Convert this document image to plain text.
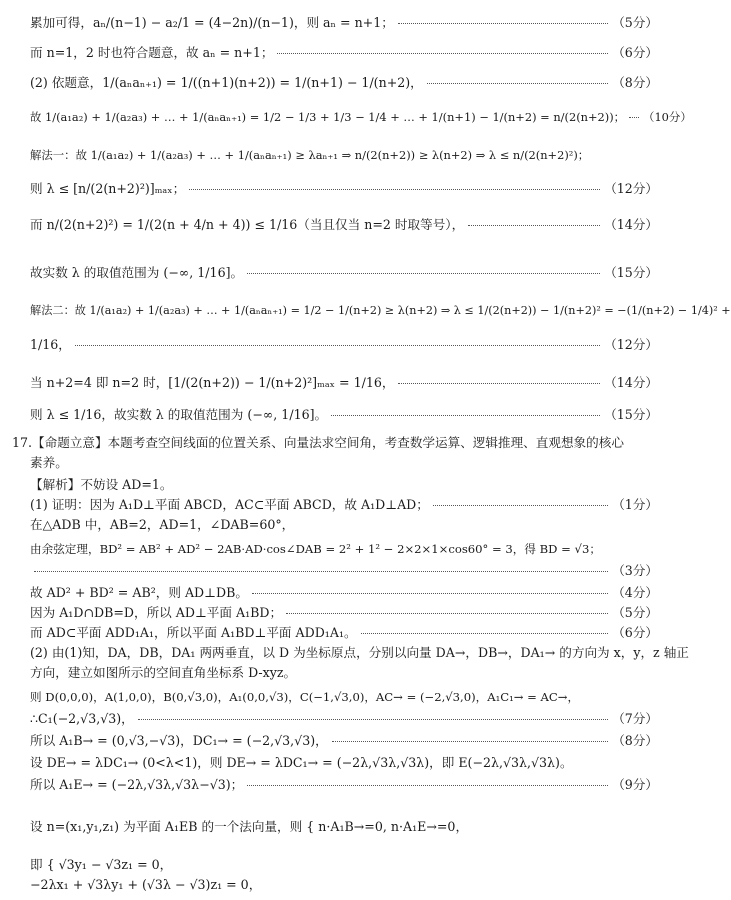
累加可得，aₙ/(n−1) − a₂/1 = (4−2n)/(n−1)，则 aₙ = n+1；	（5分）
而 n=1，2 时也符合题意，故 aₙ = n+1；	（6分）
(2) 依题意，1/(aₙaₙ₊₁) = 1/((n+1)(n+2)) = 1/(n+1) − 1/(n+2)，	（8分）
故 1/(a₁a₂) + 1/(a₂a₃) + … + 1/(aₙaₙ₊₁) = 1/2 − 1/3 + 1/3 − 1/4 + … + 1/(n+1) − 1/(n+2) = n/(2(n+2))； （10分）
解法一：故 1/(a₁a₂) + 1/(a₂a₃) + … + 1/(aₙaₙ₊₁) ≥ λaₙ₊₁ ⇒ n/(2(n+2)) ≥ λ(n+2) ⇒ λ ≤ n/(2(n+2)²)；
则 λ ≤ [n/(2(n+2)²)]ₘₐₓ；	（12分）
而 n/(2(n+2)²) = 1/(2(n + 4/n + 4)) ≤ 1/16（当且仅当 n=2 时取等号），	（14分）
故实数 λ 的取值范围为 (−∞, 1/16]。	（15分）
解法二：故 1/(a₁a₂) + 1/(a₂a₃) + … + 1/(aₙaₙ₊₁) = 1/2 − 1/(n+2) ≥ λ(n+2) ⇒ λ ≤ 1/(2(n+2)) − 1/(n+2)² = −(1/(n+2) − 1/4)² +
1/16，	（12分）
当 n+2=4 即 n=2 时，[1/(2(n+2)) − 1/(n+2)²]ₘₐₓ = 1/16，	（14分）
则 λ ≤ 1/16，故实数 λ 的取值范围为 (−∞, 1/16]。	（15分）
17.【命题立意】本题考查空间线面的位置关系、向量法求空间角，考查数学运算、逻辑推理、直观想象的核心
素养。
【解析】不妨设 AD=1。
(1) 证明：因为 A₁D⊥平面 ABCD，AC⊂平面 ABCD，故 A₁D⊥AD；	（1分）
在△ADB 中，AB=2，AD=1，∠DAB=60°，
由余弦定理，BD² = AB² + AD² − 2AB·AD·cos∠DAB = 2² + 1² − 2×2×1×cos60° = 3，得 BD = √3；
（3分）
故 AD² + BD² = AB²，则 AD⊥DB。	（4分）
因为 A₁D∩DB=D，所以 AD⊥平面 A₁BD；	（5分）
而 AD⊂平面 ADD₁A₁，所以平面 A₁BD⊥平面 ADD₁A₁。	（6分）
(2) 由(1)知，DA，DB，DA₁ 两两垂直，以 D 为坐标原点，分别以向量 DA→，DB→，DA₁→ 的方向为 x，y，z 轴正
方向，建立如图所示的空间直角坐标系 D-xyz。
则 D(0,0,0)，A(1,0,0)，B(0,√3,0)，A₁(0,0,√3)，C(−1,√3,0)，AC→ = (−2,√3,0)，A₁C₁→ = AC→，
∴C₁(−2,√3,√3)，	（7分）
所以 A₁B→ = (0,√3,−√3)，DC₁→ = (−2,√3,√3)，	（8分）
设 DE→ = λDC₁→ (0<λ<1)，则 DE→ = λDC₁→ = (−2λ,√3λ,√3λ)，即 E(−2λ,√3λ,√3λ)。
所以 A₁E→ = (−2λ,√3λ,√3λ−√3)；	（9分）
设 n=(x₁,y₁,z₁) 为平面 A₁EB 的一个法向量，则 { n·A₁B→=0, n·A₁E→=0，
即 { √3y₁ − √3z₁ = 0，
−2λx₁ + √3λy₁ + (√3λ − √3)z₁ = 0，
